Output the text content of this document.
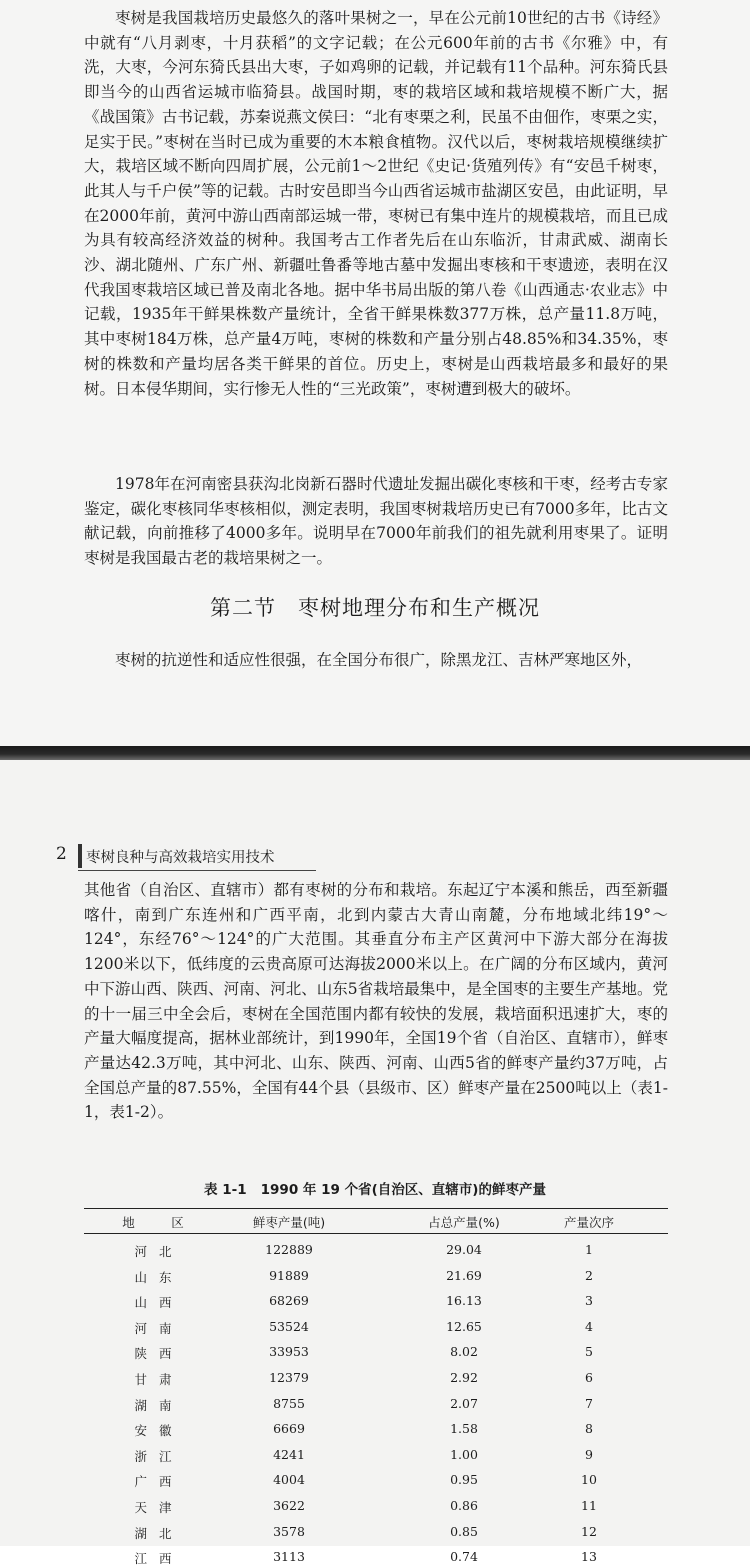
枣树是我国栽培历史最悠久的落叶果树之一，早在公元前10世纪的古书《诗经》中就有“八月剥枣，十月获稻”的文字记载；在公元600年前的古书《尔雅》中，有洗，大枣，今河东猗氏县出大枣，子如鸡卵的记载，并记载有11个品种。河东猗氏县即当今的山西省运城市临猗县。战国时期，枣的栽培区域和栽培规模不断广大，据《战国策》古书记载，苏秦说燕文侯曰：“北有枣栗之利，民虽不由佃作，枣栗之实，足实于民。”枣树在当时已成为重要的木本粮食植物。汉代以后，枣树栽培规模继续扩大，栽培区域不断向四周扩展，公元前1～2世纪《史记·货殖列传》有“安邑千树枣，此其人与千户侯”等的记载。古时安邑即当今山西省运城市盐湖区安邑，由此证明，早在2000年前，黄河中游山西南部运城一带，枣树已有集中连片的规模栽培，而且已成为具有较高经济效益的树种。我国考古工作者先后在山东临沂，甘肃武威、湖南长沙、湖北随州、广东广州、新疆吐鲁番等地古墓中发掘出枣核和干枣遗迹，表明在汉代我国枣栽培区域已普及南北各地。据中华书局出版的第八卷《山西通志·农业志》中记载，1935年干鲜果株数产量统计，全省干鲜果株数377万株，总产量11.8万吨，其中枣树184万株，总产量4万吨，枣树的株数和产量分别占48.85%和34.35%，枣树的株数和产量均居各类干鲜果的首位。历史上，枣树是山西栽培最多和最好的果树。日本侵华期间，实行惨无人性的“三光政策”，枣树遭到极大的破坏。

1978年在河南密县获沟北岗新石器时代遗址发掘出碳化枣核和干枣，经考古专家鉴定，碳化枣核同华枣核相似，测定表明，我国枣树栽培历史已有7000多年，比古文献记载，向前推移了4000多年。说明早在7000年前我们的祖先就利用枣果了。证明枣树是我国最古老的栽培果树之一。

第二节　枣树地理分布和生产概况

枣树的抗逆性和适应性很强，在全国分布很广，除黑龙江、吉林严寒地区外，

2 枣树良种与高效栽培实用技术

其他省（自治区、直辖市）都有枣树的分布和栽培。东起辽宁本溪和熊岳，西至新疆喀什，南到广东连州和广西平南，北到内蒙古大青山南麓，分布地域北纬19°～124°，东经76°～124°的广大范围。其垂直分布主产区黄河中下游大部分在海拔1200米以下，低纬度的云贵高原可达海拔2000米以上。在广阔的分布区域内，黄河中下游山西、陕西、河南、河北、山东5省栽培最集中，是全国枣的主要生产基地。党的十一届三中全会后，枣树在全国范围内都有较快的发展，栽培面积迅速扩大，枣的产量大幅度提高，据林业部统计，到1990年，全国19个省（自治区、直辖市），鲜枣产量达42.3万吨，其中河北、山东、陕西、河南、山西5省的鲜枣产量约37万吨，占全国总产量的87.55%，全国有44个县（县级市、区）鲜枣产量在2500吨以上（表1-1，表1-2）。

表 1-1 1990 年 19 个省(自治区、直辖市)的鲜枣产量
地　区	鲜枣产量(吨)	占总产量(%)	产量次序
河北	122889	29.04	1
山东	91889	21.69	2
山西	68269	16.13	3
河南	53524	12.65	4
陕西	33953	8.02	5
甘肃	12379	2.92	6
湖南	8755	2.07	7
安徽	6669	1.58	8
浙江	4241	1.00	9
广西	4004	0.95	10
天津	3622	0.86	11
湖北	3578	0.85	12
江西	3113	0.74	13
